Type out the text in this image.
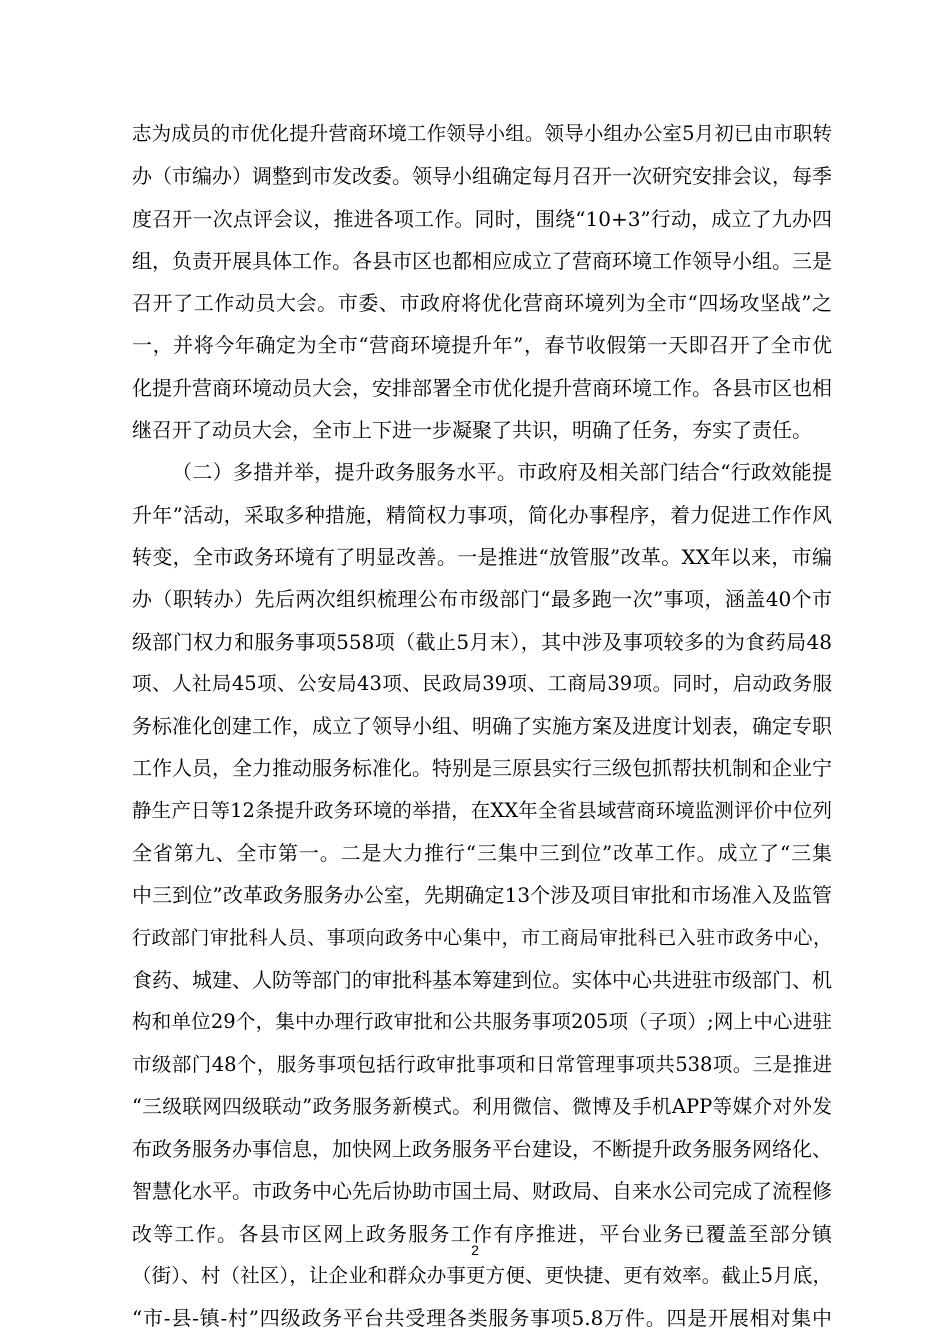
志为成员的市优化提升营商环境工作领导小组。领导小组办公室5月初已由市职转
办（市编办）调整到市发改委。领导小组确定每月召开一次研究安排会议，每季
度召开一次点评会议，推进各项工作。同时，围绕“10+3”行动，成立了九办四
组，负责开展具体工作。各县市区也都相应成立了营商环境工作领导小组。三是
召开了工作动员大会。市委、市政府将优化营商环境列为全市“四场攻坚战”之
一，并将今年确定为全市“营商环境提升年”，春节收假第一天即召开了全市优
化提升营商环境动员大会，安排部署全市优化提升营商环境工作。各县市区也相
继召开了动员大会，全市上下进一步凝聚了共识，明确了任务，夯实了责任。
（二）多措并举，提升政务服务水平。市政府及相关部门结合“行政效能提
升年”活动，采取多种措施，精简权力事项，简化办事程序，着力促进工作作风
转变，全市政务环境有了明显改善。一是推进“放管服”改革。XX年以来，市编
办（职转办）先后两次组织梳理公布市级部门“最多跑一次”事项，涵盖40个市
级部门权力和服务事项558项（截止5月末），其中涉及事项较多的为食药局48
项、人社局45项、公安局43项、民政局39项、工商局39项。同时，启动政务服
务标准化创建工作，成立了领导小组、明确了实施方案及进度计划表，确定专职
工作人员，全力推动服务标准化。特别是三原县实行三级包抓帮扶机制和企业宁
静生产日等12条提升政务环境的举措，在XX年全省县域营商环境监测评价中位列
全省第九、全市第一。二是大力推行“三集中三到位”改革工作。成立了“三集
中三到位”改革政务服务办公室，先期确定13个涉及项目审批和市场准入及监管
行政部门审批科人员、事项向政务中心集中，市工商局审批科已入驻市政务中心，
食药、城建、人防等部门的审批科基本筹建到位。实体中心共进驻市级部门、机
构和单位29个，集中办理行政审批和公共服务事项205项（子项）;网上中心进驻
市级部门48个，服务事项包括行政审批事项和日常管理事项共538项。三是推进
“三级联网四级联动”政务服务新模式。利用微信、微博及手机APP等媒介对外发
布政务服务办事信息，加快网上政务服务平台建设，不断提升政务服务网络化、
智慧化水平。市政务中心先后协助市国土局、财政局、自来水公司完成了流程修
改等工作。各县市区网上政务服务工作有序推进，平台业务已覆盖至部分镇
（街）、村（社区），让企业和群众办事更方便、更快捷、更有效率。截止5月底，
“市-县-镇-村”四级政务平台共受理各类服务事项5.8万件。四是开展相对集中
2
